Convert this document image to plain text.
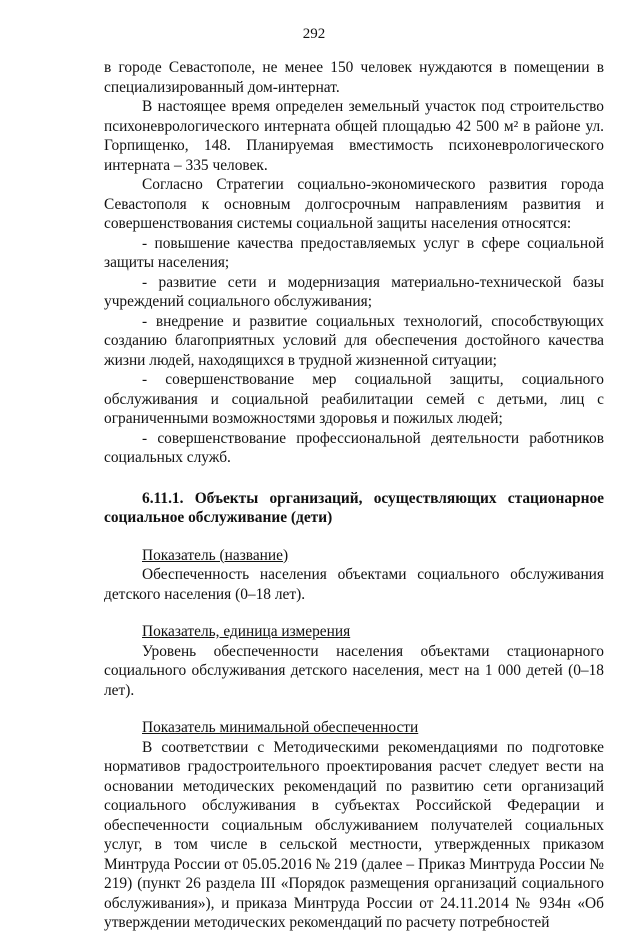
292

в городе Севастополе, не менее 150 человек нуждаются в помещении в специализированный дом-интернат.

В настоящее время определен земельный участок под строительство психоневрологического интерната общей площадью 42 500 м² в районе ул. Горпищенко, 148. Планируемая вместимость психоневрологического интерната – 335 человек.

Согласно Стратегии социально-экономического развития города Севастополя к основным долгосрочным направлениям развития и совершенствования системы социальной защиты населения относятся:

- повышение качества предоставляемых услуг в сфере социальной защиты населения;

- развитие сети и модернизация материально-технической базы учреждений социального обслуживания;

- внедрение и развитие социальных технологий, способствующих созданию благоприятных условий для обеспечения достойного качества жизни людей, находящихся в трудной жизненной ситуации;

- совершенствование мер социальной защиты, социального обслуживания и социальной реабилитации семей с детьми, лиц с ограниченными возможностями здоровья и пожилых людей;

- совершенствование профессиональной деятельности работников социальных служб.

6.11.1. Объекты организаций, осуществляющих стационарное социальное обслуживание (дети)

Показатель (название)

Обеспеченность населения объектами социального обслуживания детского населения (0–18 лет).

Показатель, единица измерения

Уровень обеспеченности населения объектами стационарного социального обслуживания детского населения, мест на 1 000 детей (0–18 лет).

Показатель минимальной обеспеченности

В соответствии с Методическими рекомендациями по подготовке нормативов градостроительного проектирования расчет следует вести на основании методических рекомендаций по развитию сети организаций социального обслуживания в субъектах Российской Федерации и обеспеченности социальным обслуживанием получателей социальных услуг, в том числе в сельской местности, утвержденных приказом Минтруда России от 05.05.2016 № 219 (далее – Приказ Минтруда России № 219) (пункт 26 раздела III «Порядок размещения организаций социального обслуживания»), и приказа Минтруда России от 24.11.2014 № 934н «Об утверждении методических рекомендаций по расчету потребностей
